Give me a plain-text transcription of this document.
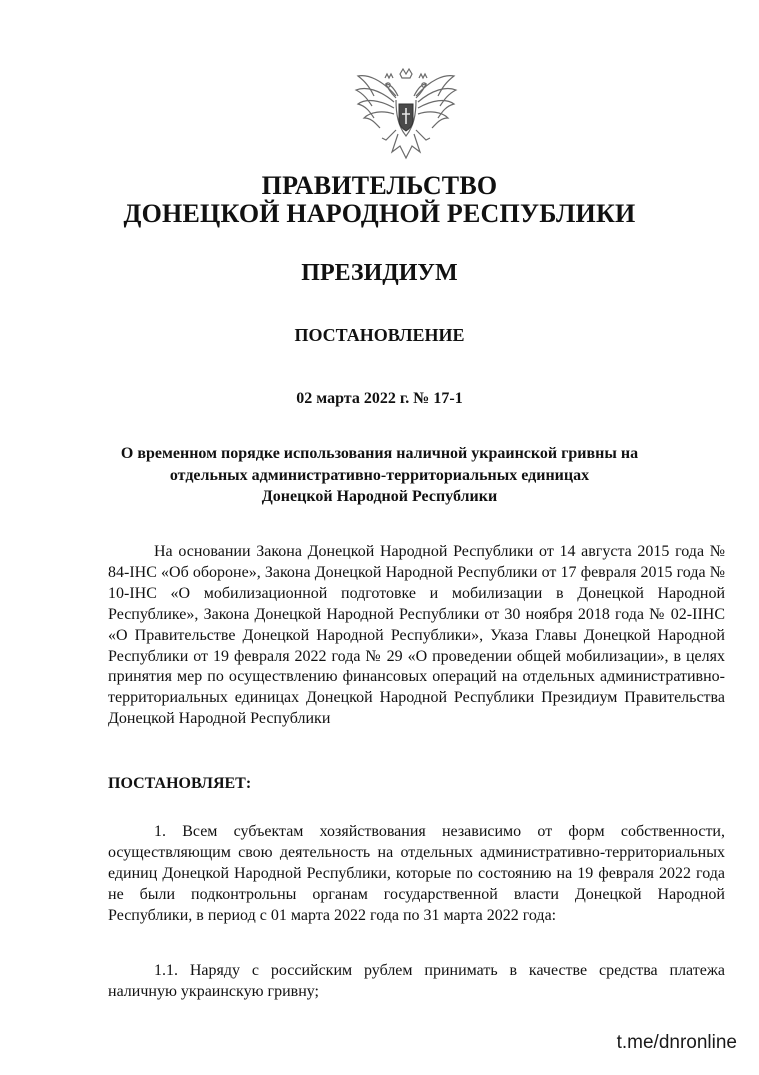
ПРАВИТЕЛЬСТВО
ДОНЕЦКОЙ НАРОДНОЙ РЕСПУБЛИКИ
ПРЕЗИДИУМ
ПОСТАНОВЛЕНИЕ
02 марта 2022 г. № 17-1
О временном порядке использования наличной украинской гривны на
отдельных административно-территориальных единицах
Донецкой Народной Республики
На основании Закона Донецкой Народной Республики от 14 августа 2015 года № 84-IНС «Об обороне», Закона Донецкой Народной Республики от 17 февраля 2015 года № 10-IНС «О мобилизационной подготовке и мобилизации в Донецкой Народной Республике», Закона Донецкой Народной Республики от 30 ноября 2018 года № 02-IIНС «О Правительстве Донецкой Народной Республики», Указа Главы Донецкой Народной Республики от 19 февраля 2022 года № 29 «О проведении общей мобилизации», в целях принятия мер по осуществлению финансовых операций на отдельных административно-территориальных единицах Донецкой Народной Республики Президиум Правительства Донецкой Народной Республики
ПОСТАНОВЛЯЕТ:
1. Всем субъектам хозяйствования независимо от форм собственности, осуществляющим свою деятельность на отдельных административно-территориальных единиц Донецкой Народной Республики, которые по состоянию на 19 февраля 2022 года не были подконтрольны органам государственной власти Донецкой Народной Республики, в период с 01 марта 2022 года по 31 марта 2022 года:
1.1. Наряду с российским рублем принимать в качестве средства платежа наличную украинскую гривну;
t.me/dnronline
